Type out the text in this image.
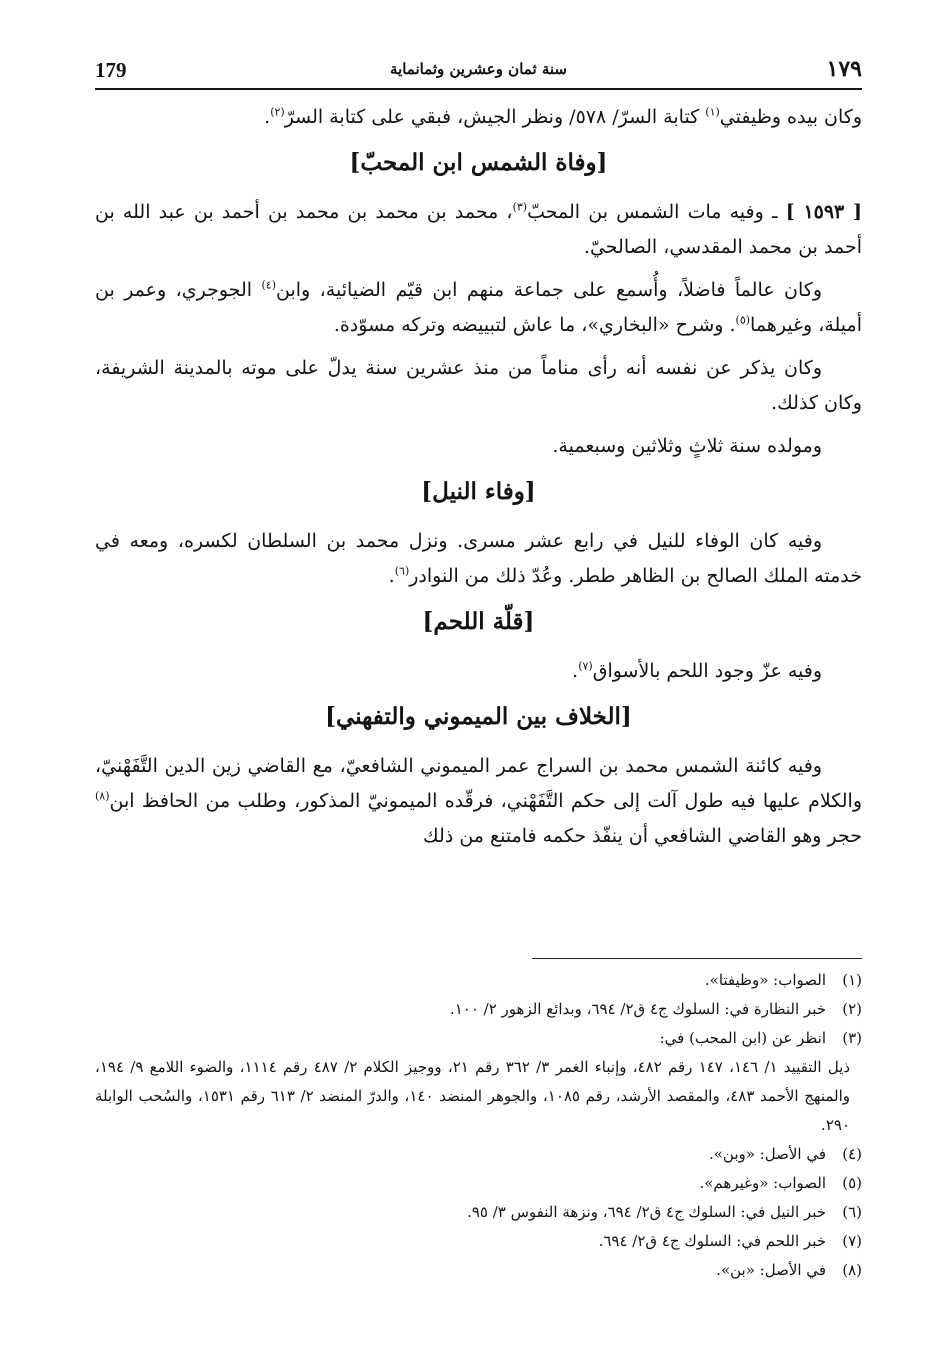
179	سنة ثمان وعشرين وثمانماية	١٧٩

وكان بيده وظيفتي$^{(١)}$ كتابة السرّ/ ٥٧٨/ ونظر الجيش، فبقي على كتابة السرّ$^{(٢)}$.

[وفاة الشمس ابن المحبّ]

[ ١٥٩٣ ] ـ وفيه مات الشمس بن المحبّ$^{(٣)}$، محمد بن محمد بن محمد بن أحمد بن عبد الله بن أحمد بن محمد المقدسي، الصالحيّ.

وكان عالماً فاضلاً، وأُسمع على جماعة منهم ابن قيّم الضيائية، وابن$^{(٤)}$ الجوجري، وعمر بن أميلة، وغيرهما$^{(٥)}$. وشرح «البخاري»، ما عاش لتبييضه وتركه مسوّدة.

وكان يذكر عن نفسه أنه رأى مناماً من منذ عشرين سنة يدلّ على موته بالمدينة الشريفة، وكان كذلك.

ومولده سنة ثلاثٍ وثلاثين وسبعمية.

[وفاء النيل]

وفيه كان الوفاء للنيل في رابع عشر مسرى. ونزل محمد بن السلطان لكسره، ومعه في خدمته الملك الصالح بن الظاهر ططر. وعُدّ ذلك من النوادر$^{(٦)}$.

[قلّة اللحم]

وفيه عزّ وجود اللحم بالأسواق$^{(٧)}$.

[الخلاف بين الميموني والتفهني]

وفيه كائنة الشمس محمد بن السراج عمر الميموني الشافعيّ، مع القاضي زين الدين التَّفَهْنيّ، والكلام عليها فيه طول آلت إلى حكم التَّفَهْني، فرقّده الميمونيّ المذكور، وطلب من الحافظ ابن$^{(٨)}$ حجر وهو القاضي الشافعي أن ينفّذ حكمه فامتنع من ذلك

(١)
الصواب: «وظيفتا».
(٢)
خبر النظارة في: السلوك ج٤ ق٢/ ٦٩٤، وبدائع الزهور ٢/ ١٠٠.
(٣)
انظر عن (ابن المحب) في:
ذيل التقييد ١/ ١٤٦، ١٤٧ رقم ٤٨٢، وإنباء الغمر ٣/ ٣٦٢ رقم ٢١، ووجيز الكلام ٢/ ٤٨٧ رقم ١١١٤، والضوء اللامع ٩/ ١٩٤، والمنهج الأحمد ٤٨٣، والمقصد الأرشد، رقم ١٠٨٥، والجوهر المنضد ١٤٠، والدرّ المنضد ٢/ ٦١٣ رقم ١٥٣١، والسُحب الوابلة ٢٩٠.
(٤)
في الأصل: «وبن».
(٥)
الصواب: «وغيرهم».
(٦)
خبر النيل في: السلوك ج٤ ق٢/ ٦٩٤، ونزهة النفوس ٣/ ٩٥.
(٧)
خبر اللحم في: السلوك ج٤ ق٢/ ٦٩٤.
(٨)
في الأصل: «بن».
